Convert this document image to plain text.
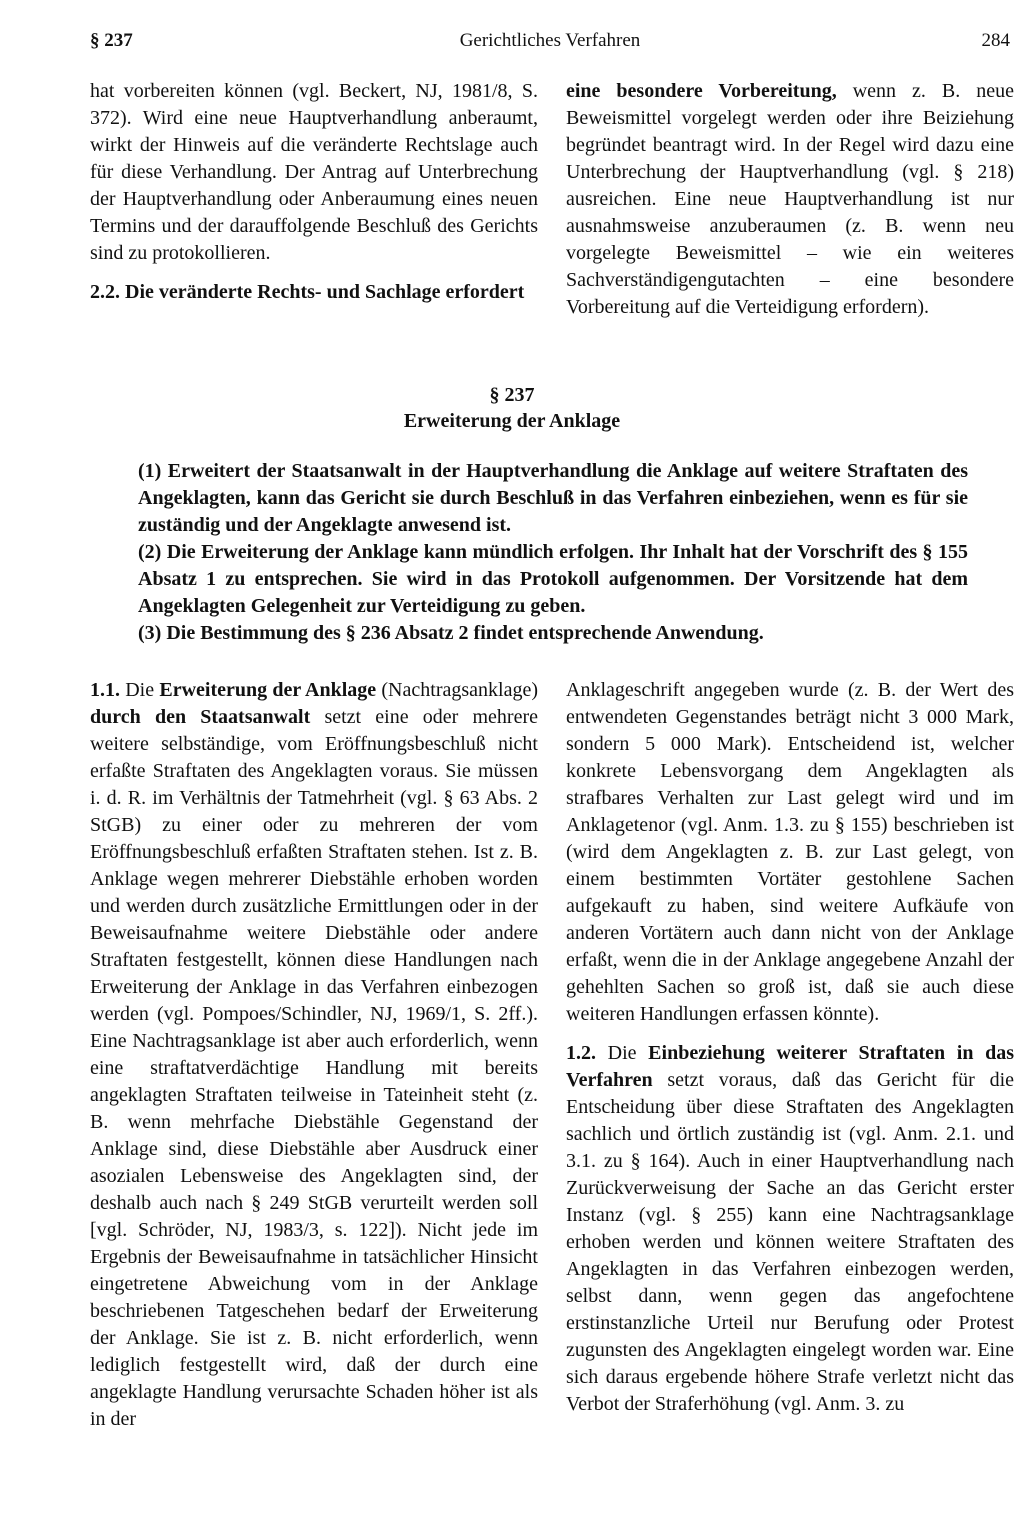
§ 237	Gerichtliches Verfahren	284

hat vorbereiten können (vgl. Beckert, NJ, 1981/8, S. 372). Wird eine neue Hauptverhandlung anberaumt, wirkt der Hinweis auf die veränderte Rechtslage auch für diese Verhandlung. Der Antrag auf Unterbrechung der Hauptverhandlung oder Anberaumung eines neuen Termins und der darauffolgende Beschluß des Gerichts sind zu protokollieren.

2.2. Die veränderte Rechts- und Sachlage erfordert

eine besondere Vorbereitung, wenn z. B. neue Beweismittel vorgelegt werden oder ihre Beiziehung begründet beantragt wird. In der Regel wird dazu eine Unterbrechung der Hauptverhandlung (vgl. § 218) ausreichen. Eine neue Hauptverhandlung ist nur ausnahmsweise anzuberaumen (z. B. wenn neu vorgelegte Beweismittel – wie ein weiteres Sachverständigengutachten – eine besondere Vorbereitung auf die Verteidigung erfordern).

§ 237
Erweiterung der Anklage

(1) Erweitert der Staatsanwalt in der Hauptverhandlung die Anklage auf weitere Straftaten des Angeklagten, kann das Gericht sie durch Beschluß in das Verfahren einbeziehen, wenn es für sie zuständig und der Angeklagte anwesend ist.

(2) Die Erweiterung der Anklage kann mündlich erfolgen. Ihr Inhalt hat der Vorschrift des § 155 Absatz 1 zu entsprechen. Sie wird in das Protokoll aufgenommen. Der Vorsitzende hat dem Angeklagten Gelegenheit zur Verteidigung zu geben.

(3) Die Bestimmung des § 236 Absatz 2 findet entsprechende Anwendung.

1.1. Die Erweiterung der Anklage (Nachtragsanklage) durch den Staatsanwalt setzt eine oder mehrere weitere selbständige, vom Eröffnungsbeschluß nicht erfaßte Straftaten des Angeklagten voraus. Sie müssen i. d. R. im Verhältnis der Tatmehrheit (vgl. § 63 Abs. 2 StGB) zu einer oder zu mehreren der vom Eröffnungsbeschluß erfaßten Straftaten stehen. Ist z. B. Anklage wegen mehrerer Diebstähle erhoben worden und werden durch zusätzliche Ermittlungen oder in der Beweisaufnahme weitere Diebstähle oder andere Straftaten festgestellt, können diese Handlungen nach Erweiterung der Anklage in das Verfahren einbezogen werden (vgl. Pompoes/Schindler, NJ, 1969/1, S. 2ff.). Eine Nachtragsanklage ist aber auch erforderlich, wenn eine straftatverdächtige Handlung mit bereits angeklagten Straftaten teilweise in Tateinheit steht (z. B. wenn mehrfache Diebstähle Gegenstand der Anklage sind, diese Diebstähle aber Ausdruck einer asozialen Lebensweise des Angeklagten sind, der deshalb auch nach § 249 StGB verurteilt werden soll [vgl. Schröder, NJ, 1983/3, s. 122]). Nicht jede im Ergebnis der Beweisaufnahme in tatsächlicher Hinsicht eingetretene Abweichung vom in der Anklage beschriebenen Tatgeschehen bedarf der Erweiterung der Anklage. Sie ist z. B. nicht erforderlich, wenn lediglich festgestellt wird, daß der durch eine angeklagte Handlung verursachte Schaden höher ist als in der

Anklageschrift angegeben wurde (z. B. der Wert des entwendeten Gegenstandes beträgt nicht 3 000 Mark, sondern 5 000 Mark). Entscheidend ist, welcher konkrete Lebensvorgang dem Angeklagten als strafbares Verhalten zur Last gelegt wird und im Anklagetenor (vgl. Anm. 1.3. zu § 155) beschrieben ist (wird dem Angeklagten z. B. zur Last gelegt, von einem bestimmten Vortäter gestohlene Sachen aufgekauft zu haben, sind weitere Aufkäufe von anderen Vortätern auch dann nicht von der Anklage erfaßt, wenn die in der Anklage angegebene Anzahl der gehehlten Sachen so groß ist, daß sie auch diese weiteren Handlungen erfassen könnte).

1.2. Die Einbeziehung weiterer Straftaten in das Verfahren setzt voraus, daß das Gericht für die Entscheidung über diese Straftaten des Angeklagten sachlich und örtlich zuständig ist (vgl. Anm. 2.1. und 3.1. zu § 164). Auch in einer Hauptverhandlung nach Zurückverweisung der Sache an das Gericht erster Instanz (vgl. § 255) kann eine Nachtragsanklage erhoben werden und können weitere Straftaten des Angeklagten in das Verfahren einbezogen werden, selbst dann, wenn gegen das angefochtene erstinstanzliche Urteil nur Berufung oder Protest zugunsten des Angeklagten eingelegt worden war. Eine sich daraus ergebende höhere Strafe verletzt nicht das Verbot der Straferhöhung (vgl. Anm. 3. zu
